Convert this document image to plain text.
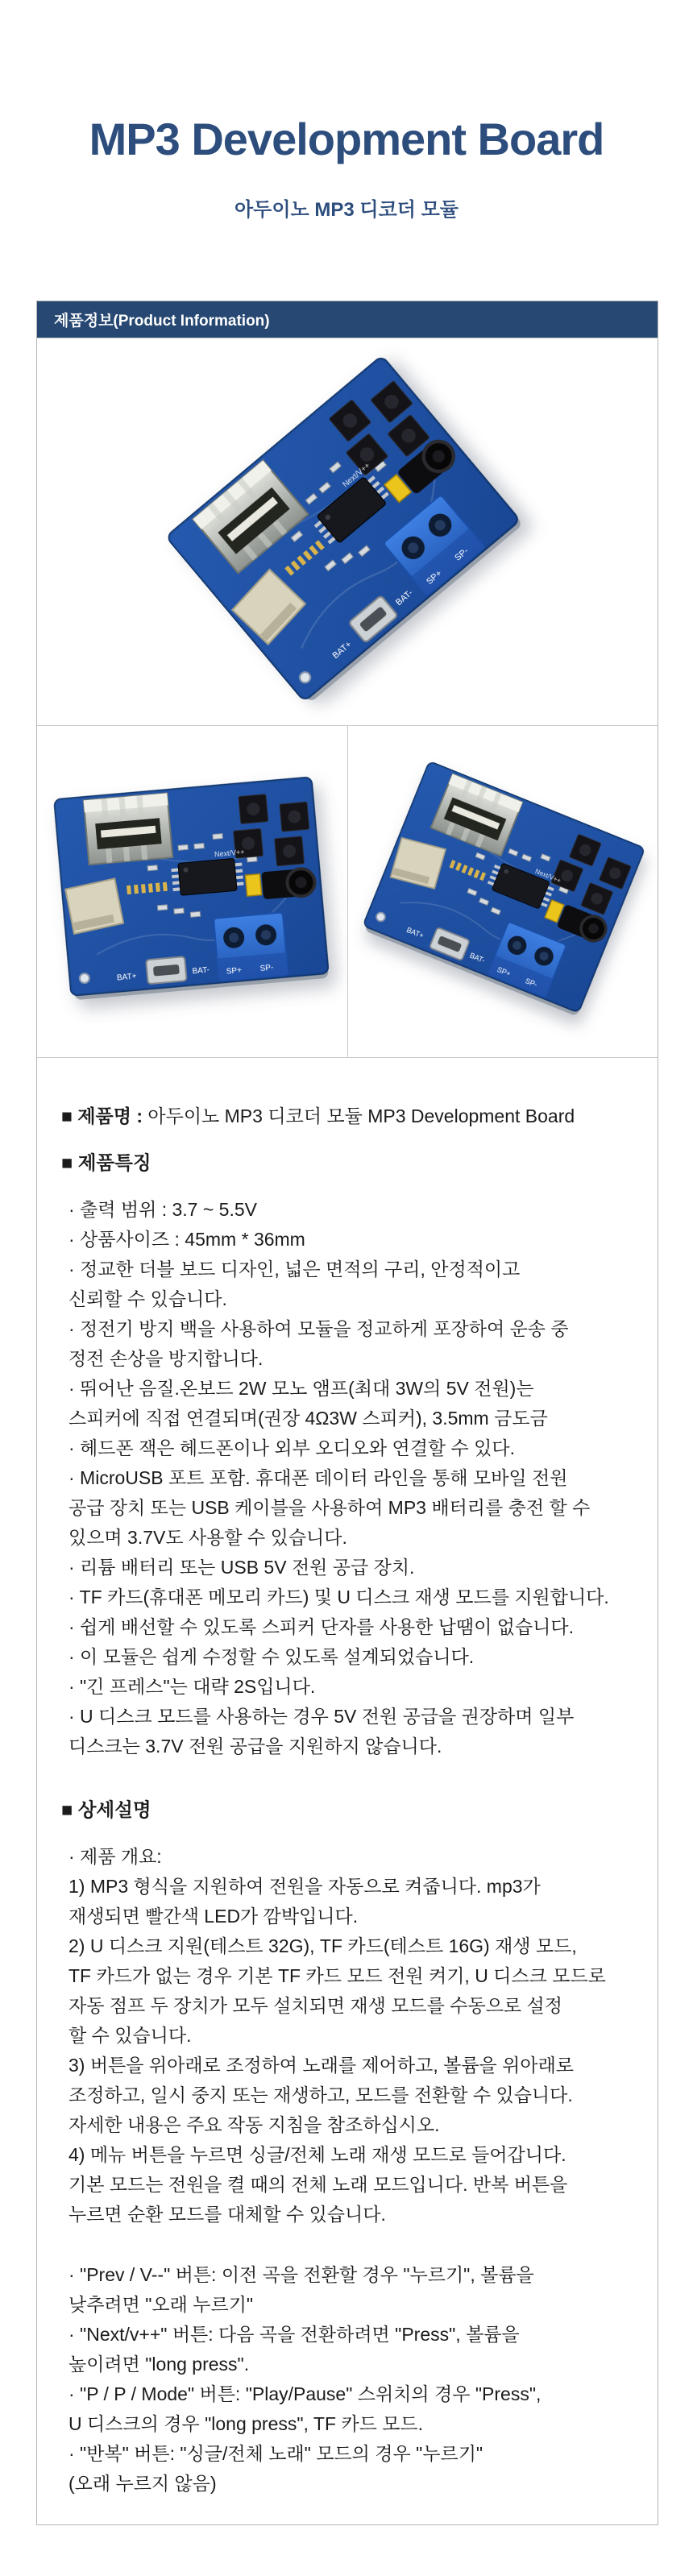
MP3 Development Board
아두이노 MP3 디코더 모듈
제품정보(Product Information)
■ 제품명 : 아두이노 MP3 디코더 모듈 MP3 Development Board
■ 제품특징
· 출력 범위 : 3.7 ~ 5.5V
· 상품사이즈 : 45mm * 36mm
· 정교한 더블 보드 디자인, 넓은 면적의 구리, 안정적이고
신뢰할 수 있습니다.
· 정전기 방지 백을 사용하여 모듈을 정교하게 포장하여 운송 중
정전 손상을 방지합니다.
· 뛰어난 음질.온보드 2W 모노 앰프(최대 3W의 5V 전원)는
스피커에 직접 연결되며(권장 4Ω3W 스피커), 3.5mm 금도금
· 헤드폰 잭은 헤드폰이나 외부 오디오와 연결할 수 있다.
· MicroUSB 포트 포함. 휴대폰 데이터 라인을 통해 모바일 전원
공급 장치 또는 USB 케이블을 사용하여 MP3 배터리를 충전 할 수
있으며 3.7V도 사용할 수 있습니다.
· 리튬 배터리 또는 USB 5V 전원 공급 장치.
· TF 카드(휴대폰 메모리 카드) 및 U 디스크 재생 모드를 지원합니다.
· 쉽게 배선할 수 있도록 스피커 단자를 사용한 납땜이 없습니다.
· 이 모듈은 쉽게 수정할 수 있도록 설계되었습니다.
· "긴 프레스"는 대략 2S입니다.
· U 디스크 모드를 사용하는 경우 5V 전원 공급을 권장하며 일부
디스크는 3.7V 전원 공급을 지원하지 않습니다.
■ 상세설명
· 제품 개요:
1) MP3 형식을 지원하여 전원을 자동으로 켜줍니다. mp3가
재생되면 빨간색 LED가 깜박입니다.
2) U 디스크 지원(테스트 32G), TF 카드(테스트 16G) 재생 모드,
TF 카드가 없는 경우 기본 TF 카드 모드 전원 켜기, U 디스크 모드로
자동 점프 두 장치가 모두 설치되면 재생 모드를 수동으로 설정
할 수 있습니다.
3) 버튼을 위아래로 조정하여 노래를 제어하고, 볼륨을 위아래로
조정하고, 일시 중지 또는 재생하고, 모드를 전환할 수 있습니다.
자세한 내용은 주요 작동 지침을 참조하십시오.
4) 메뉴 버튼을 누르면 싱글/전체 노래 재생 모드로 들어갑니다.
기본 모드는 전원을 켤 때의 전체 노래 모드입니다. 반복 버튼을
누르면 순환 모드를 대체할 수 있습니다.
· "Prev / V--" 버튼: 이전 곡을 전환할 경우 "누르기", 볼륨을
낮추려면 "오래 누르기"
· "Next/v++" 버튼: 다음 곡을 전환하려면 "Press", 볼륨을
높이려면 "long press".
· "P / P / Mode" 버튼: "Play/Pause" 스위치의 경우 "Press",
U 디스크의 경우 "long press", TF 카드 모드.
· "반복" 버튼: "싱글/전체 노래" 모드의 경우 "누르기"
(오래 누르지 않음)
